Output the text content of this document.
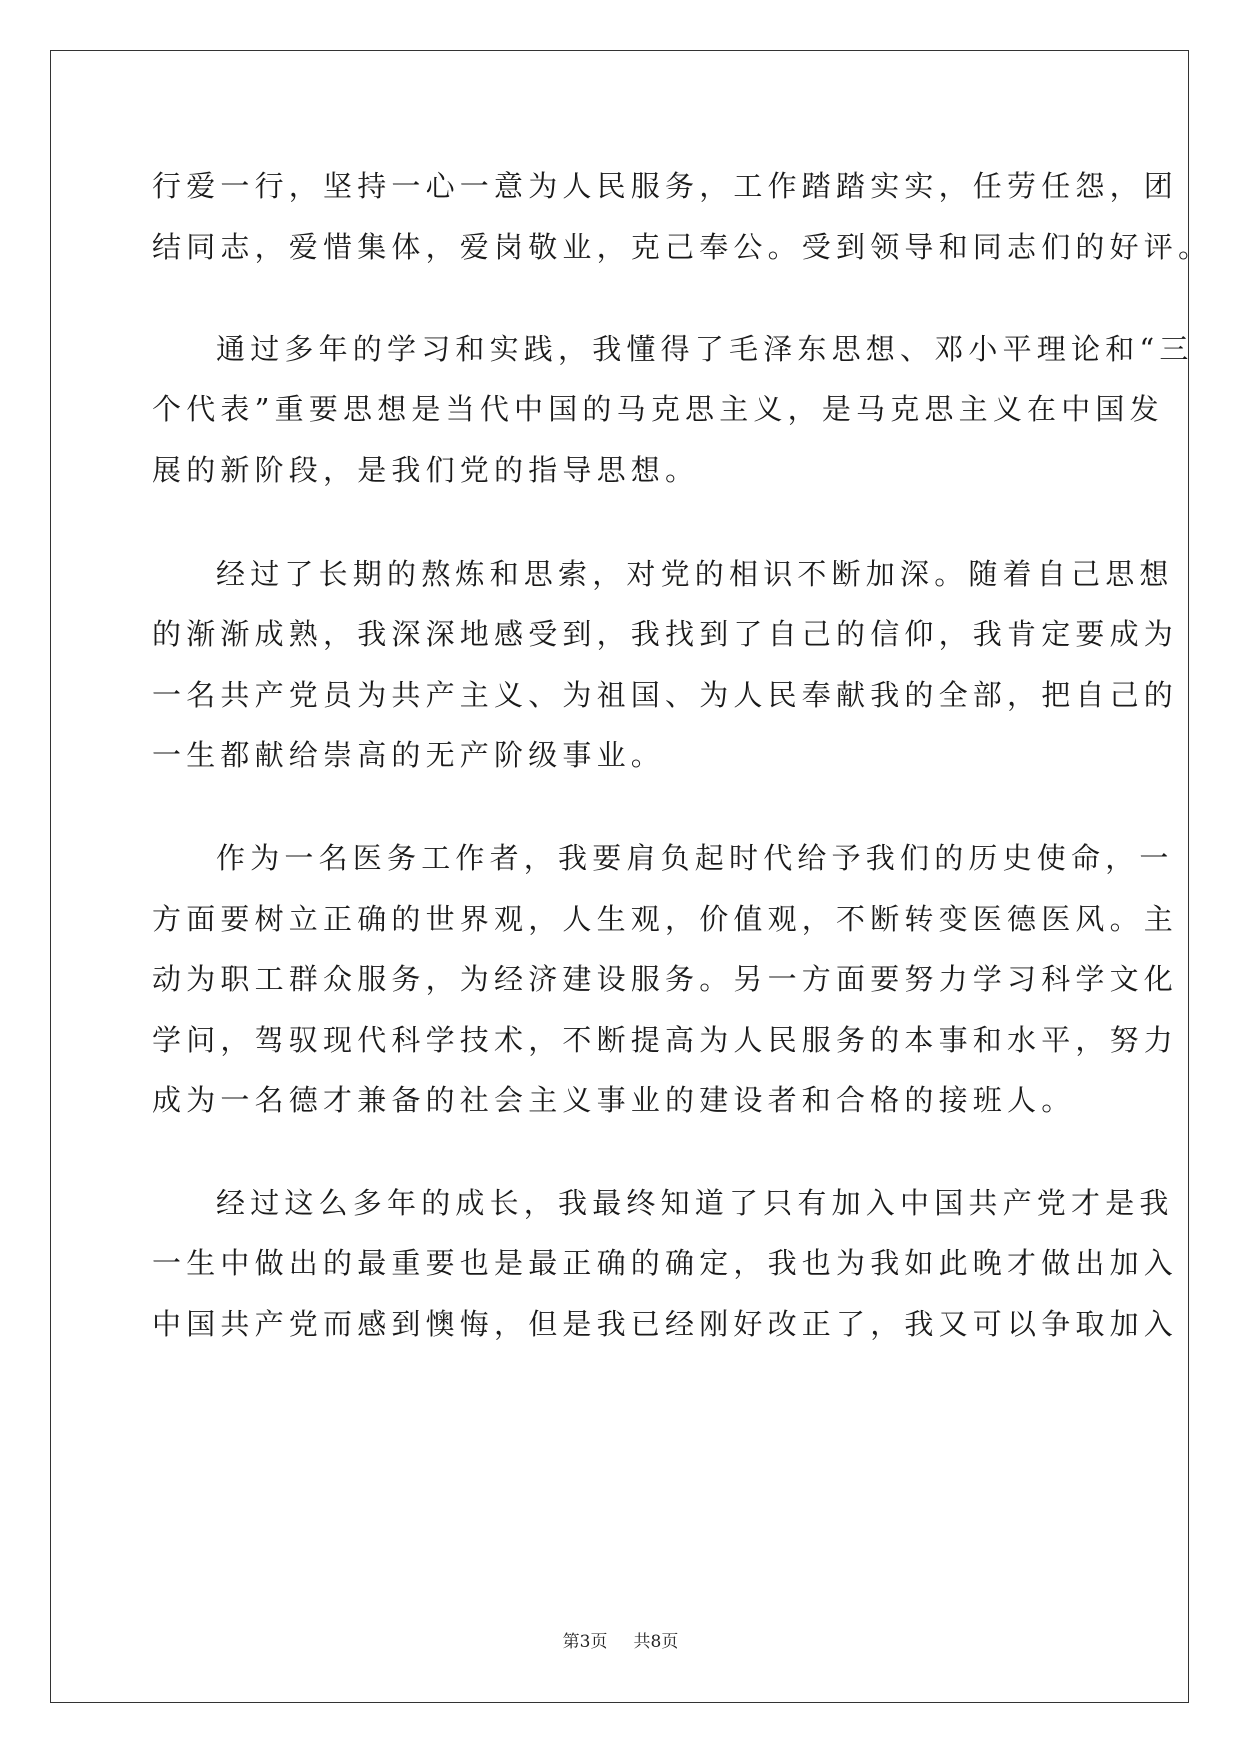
行爱一行，坚持一心一意为人民服务，工作踏踏实实，任劳任怨，团
结同志，爱惜集体，爱岗敬业，克己奉公。受到领导和同志们的好评。
通过多年的学习和实践，我懂得了毛泽东思想、邓小平理论和“三
个代表”重要思想是当代中国的马克思主义，是马克思主义在中国发
展的新阶段，是我们党的指导思想。
经过了长期的熬炼和思索，对党的相识不断加深。随着自己思想
的渐渐成熟，我深深地感受到，我找到了自己的信仰，我肯定要成为
一名共产党员为共产主义、为祖国、为人民奉献我的全部，把自己的
一生都献给崇高的无产阶级事业。
作为一名医务工作者，我要肩负起时代给予我们的历史使命，一
方面要树立正确的世界观，人生观，价值观，不断转变医德医风。主
动为职工群众服务，为经济建设服务。另一方面要努力学习科学文化
学问，驾驭现代科学技术，不断提高为人民服务的本事和水平，努力
成为一名德才兼备的社会主义事业的建设者和合格的接班人。
经过这么多年的成长，我最终知道了只有加入中国共产党才是我
一生中做出的最重要也是最正确的确定，我也为我如此晚才做出加入
中国共产党而感到懊悔，但是我已经刚好改正了，我又可以争取加入
第3页 共8页
